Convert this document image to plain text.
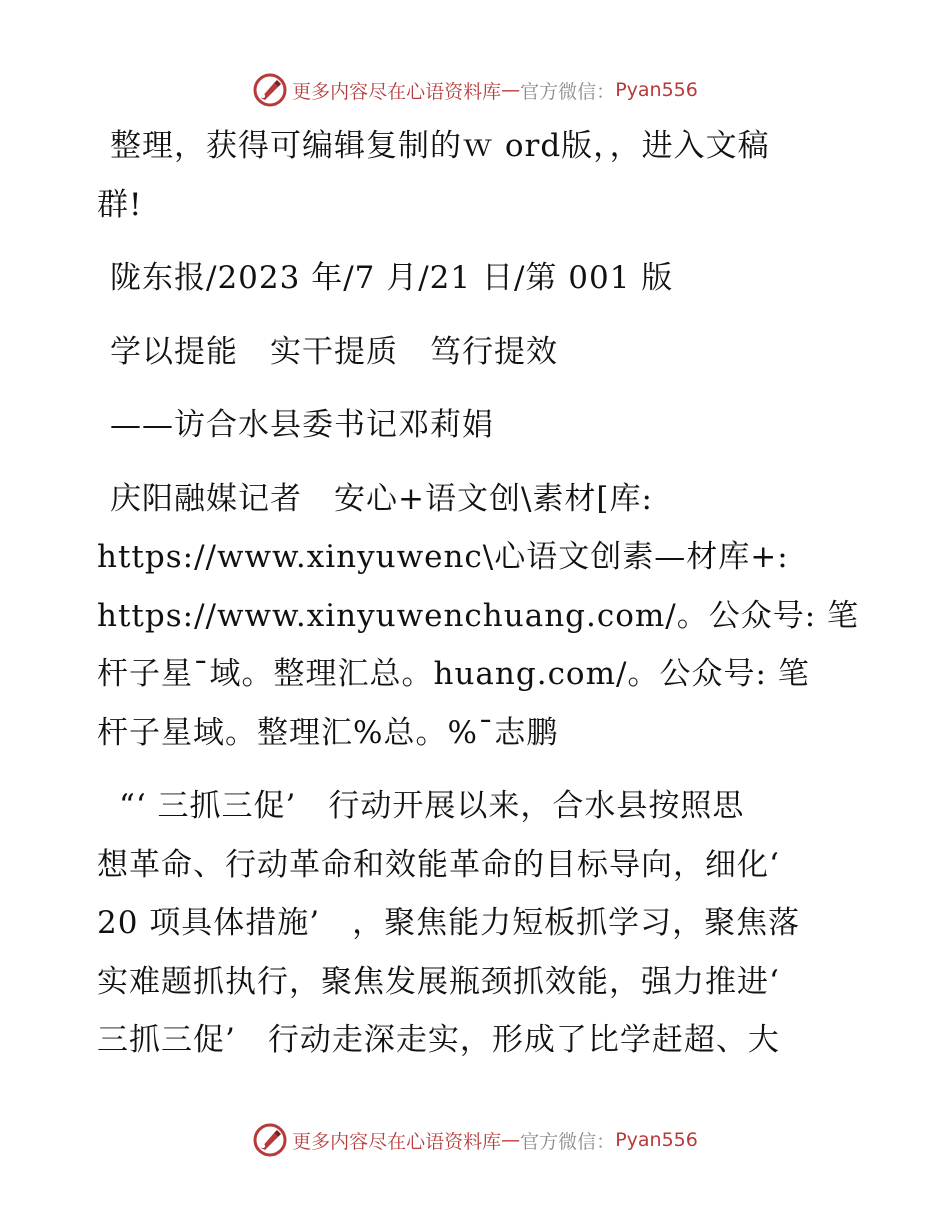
更多内容尽在心语资料库 — 官方微信： Pyan556
整理，获得可编辑复制的ｗ ord版，，进入文稿
群!
陇东报/2023 年/7 月/21 日/第 001 版
学以提能　实干提质　笃行提效
——访合水县委书记邓莉娟
庆阳融媒记者　安心+语文创\素材[库:
https://www.xinyuwenc\心语文创素—材库+:
https://www.xinyuwenchuang.com/。公众号: 笔
杆子星¯域。整理汇总。huang.com/。公众号: 笔
杆子星域。整理汇%总。%¯志鹏
“‘ 三抓三促’　行动开展以来，合水县按照思
想革命、行动革命和效能革命的目标导向，细化‘
20 项具体措施’　，聚焦能力短板抓学习，聚焦落
实难题抓执行，聚焦发展瓶颈抓效能，强力推进‘
三抓三促’　行动走深走实，形成了比学赶超、大
更多内容尽在心语资料库 — 官方微信： Pyan556
